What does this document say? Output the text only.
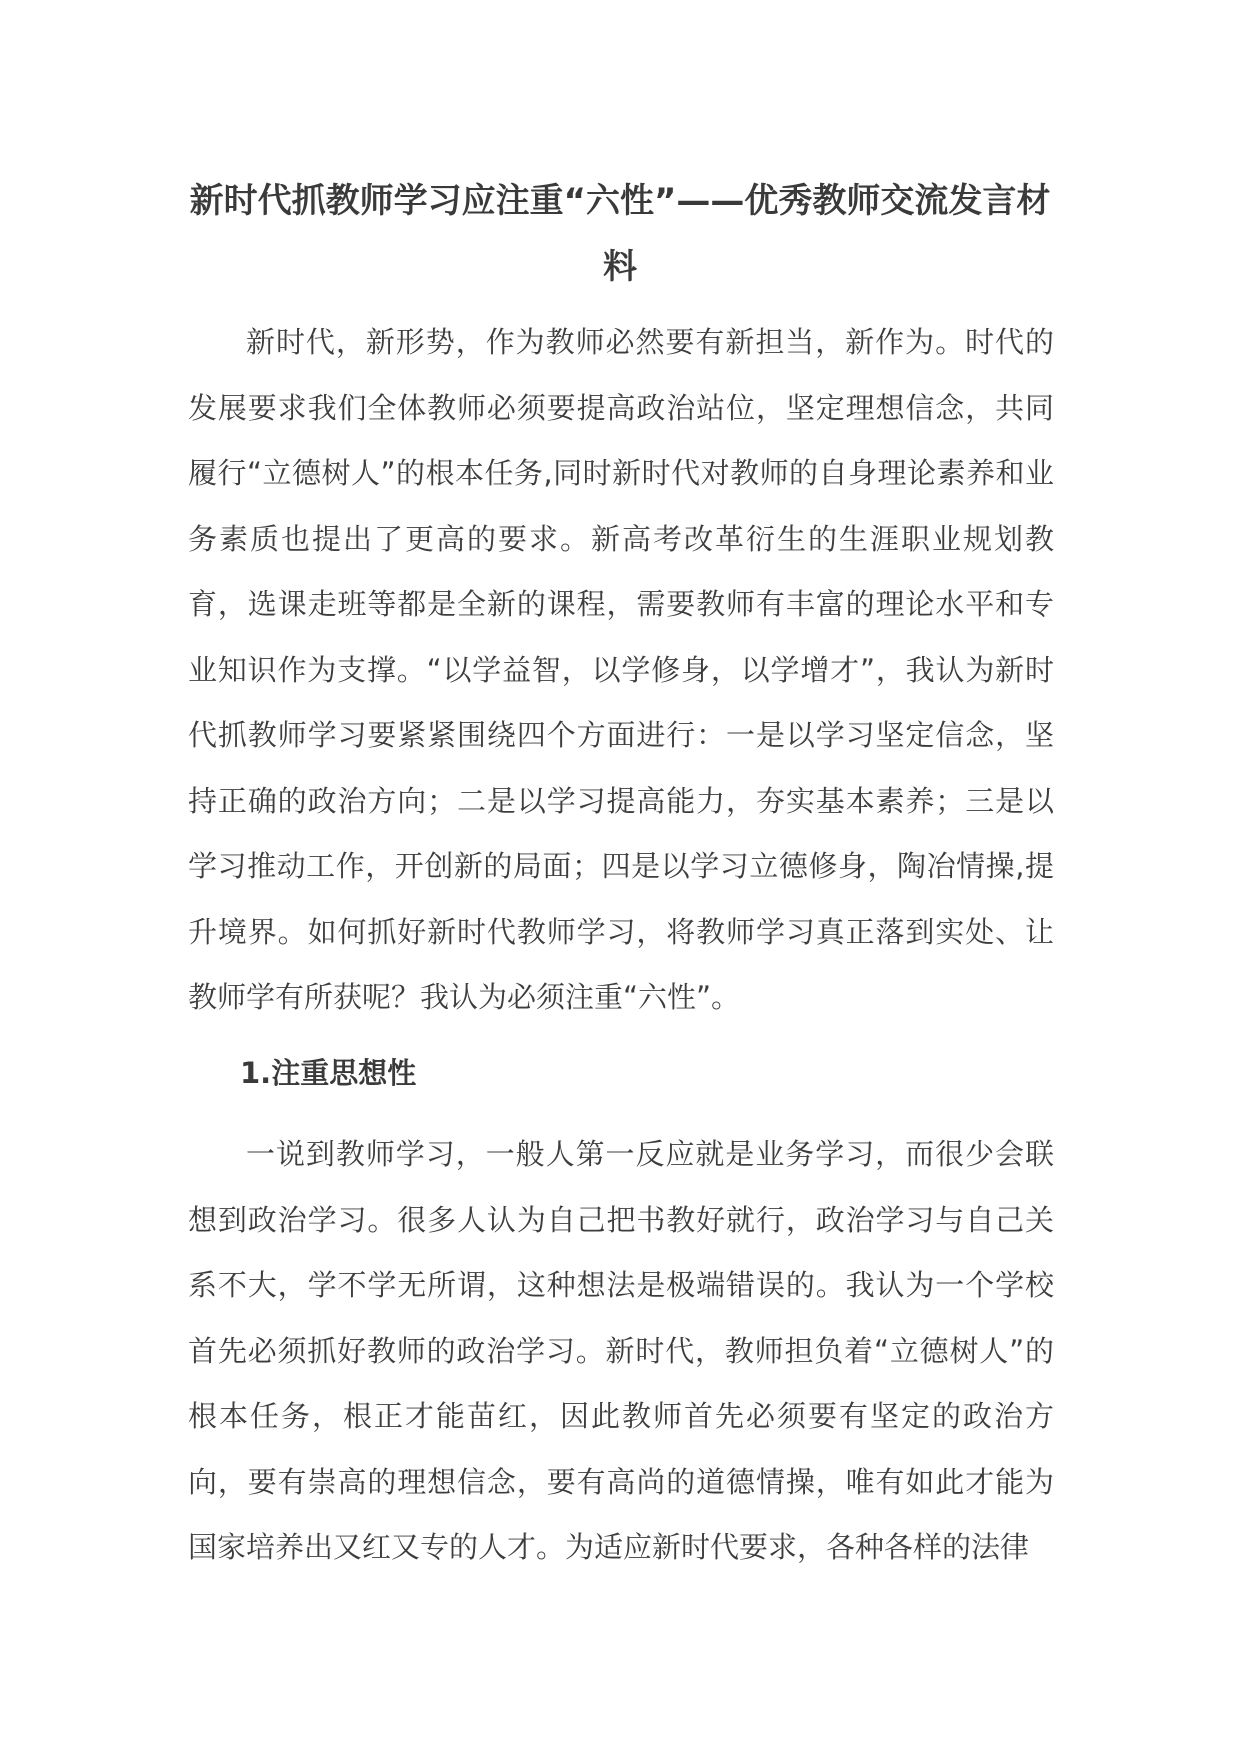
新时代抓教师学习应注重“六性”——优秀教师交流发言材料

新时代，新形势，作为教师必然要有新担当，新作为。时代的发展要求我们全体教师必须要提高政治站位，坚定理想信念，共同履行“立德树人”的根本任务,同时新时代对教师的自身理论素养和业务素质也提出了更高的要求。新高考改革衍生的生涯职业规划教育，选课走班等都是全新的课程，需要教师有丰富的理论水平和专业知识作为支撑。“以学益智，以学修身，以学增才”，我认为新时代抓教师学习要紧紧围绕四个方面进行：一是以学习坚定信念，坚持正确的政治方向；二是以学习提高能力，夯实基本素养；三是以学习推动工作，开创新的局面；四是以学习立德修身，陶冶情操,提升境界。如何抓好新时代教师学习，将教师学习真正落到实处、让教师学有所获呢？我认为必须注重“六性”。

1.注重思想性

一说到教师学习，一般人第一反应就是业务学习，而很少会联想到政治学习。很多人认为自己把书教好就行，政治学习与自己关系不大，学不学无所谓，这种想法是极端错误的。我认为一个学校首先必须抓好教师的政治学习。新时代，教师担负着“立德树人”的根本任务，根正才能苗红，因此教师首先必须要有坚定的政治方向，要有崇高的理想信念，要有高尚的道德情操，唯有如此才能为国家培养出又红又专的人才。为适应新时代要求，各种各样的法律
